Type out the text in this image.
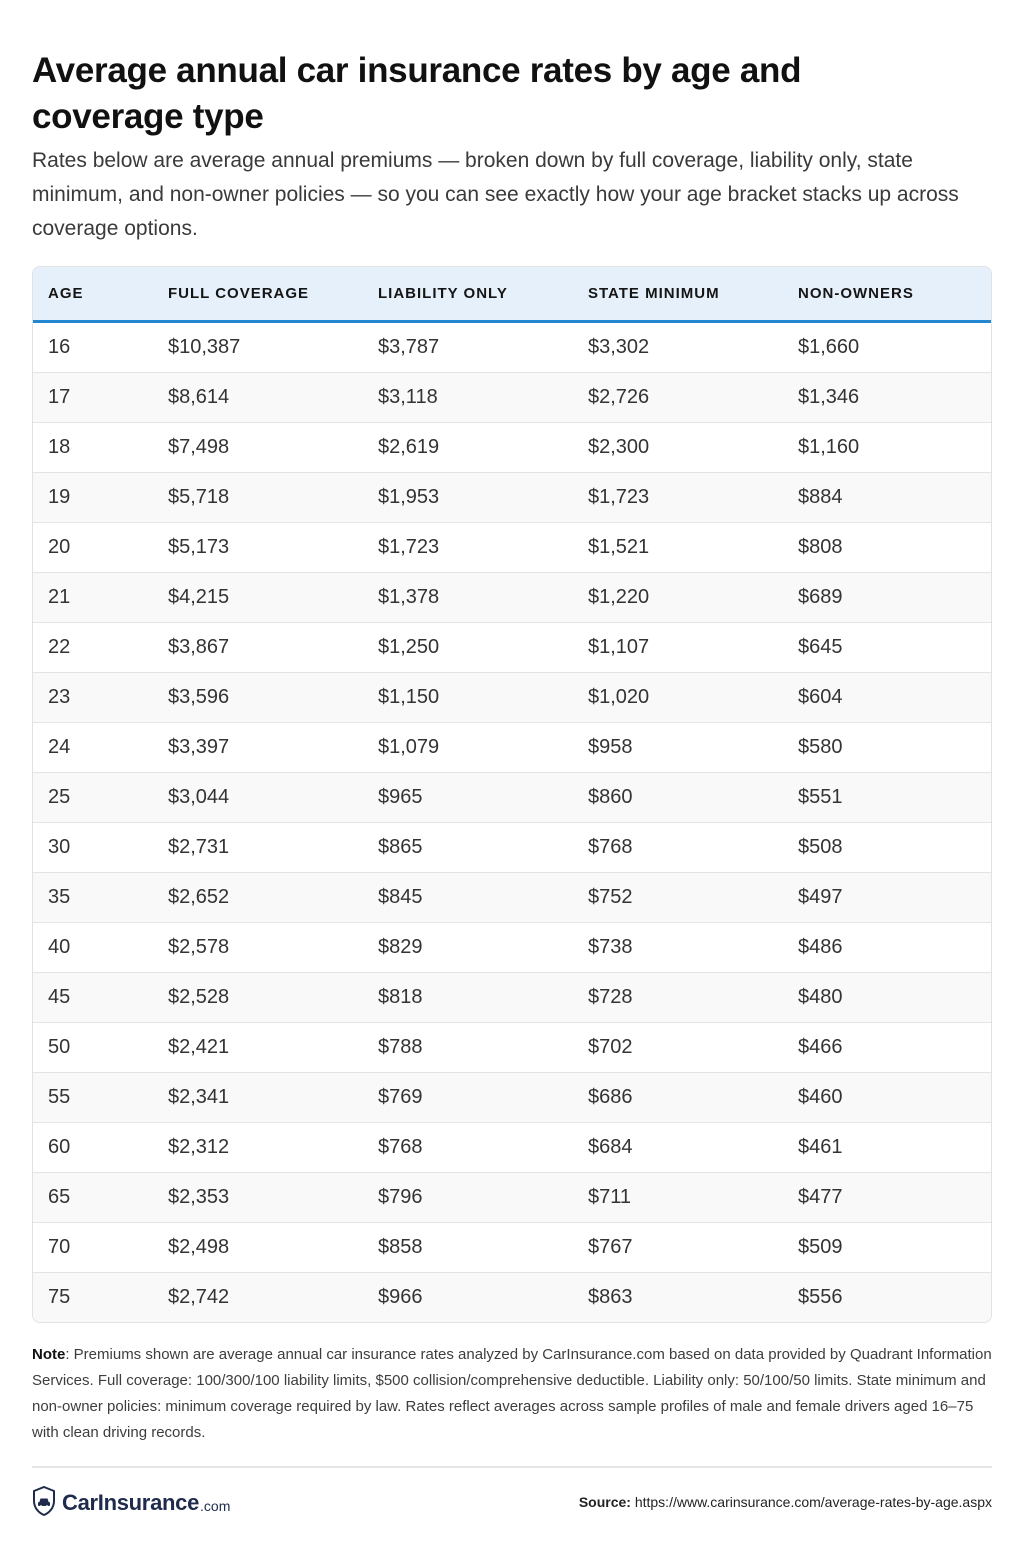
Average annual car insurance rates by age and coverage type

Rates below are average annual premiums — broken down by full coverage, liability only, state minimum, and non-owner policies — so you can see exactly how your age bracket stacks up across coverage options.

AGE	FULL COVERAGE	LIABILITY ONLY	STATE MINIMUM	NON-OWNERS
16	$10,387	$3,787	$3,302	$1,660
17	$8,614	$3,118	$2,726	$1,346
18	$7,498	$2,619	$2,300	$1,160
19	$5,718	$1,953	$1,723	$884
20	$5,173	$1,723	$1,521	$808
21	$4,215	$1,378	$1,220	$689
22	$3,867	$1,250	$1,107	$645
23	$3,596	$1,150	$1,020	$604
24	$3,397	$1,079	$958	$580
25	$3,044	$965	$860	$551
30	$2,731	$865	$768	$508
35	$2,652	$845	$752	$497
40	$2,578	$829	$738	$486
45	$2,528	$818	$728	$480
50	$2,421	$788	$702	$466
55	$2,341	$769	$686	$460
60	$2,312	$768	$684	$461
65	$2,353	$796	$711	$477
70	$2,498	$858	$767	$509
75	$2,742	$966	$863	$556

Note: Premiums shown are average annual car insurance rates analyzed by CarInsurance.com based on data provided by Quadrant Information Services. Full coverage: 100/300/100 liability limits, $500 collision/comprehensive deductible. Liability only: 50/100/50 limits. State minimum and non-owner policies: minimum coverage required by law. Rates reflect averages across sample profiles of male and female drivers aged 16–75 with clean driving records.

CarInsurance .com	Source: https://www.carinsurance.com/average-rates-by-age.aspx
